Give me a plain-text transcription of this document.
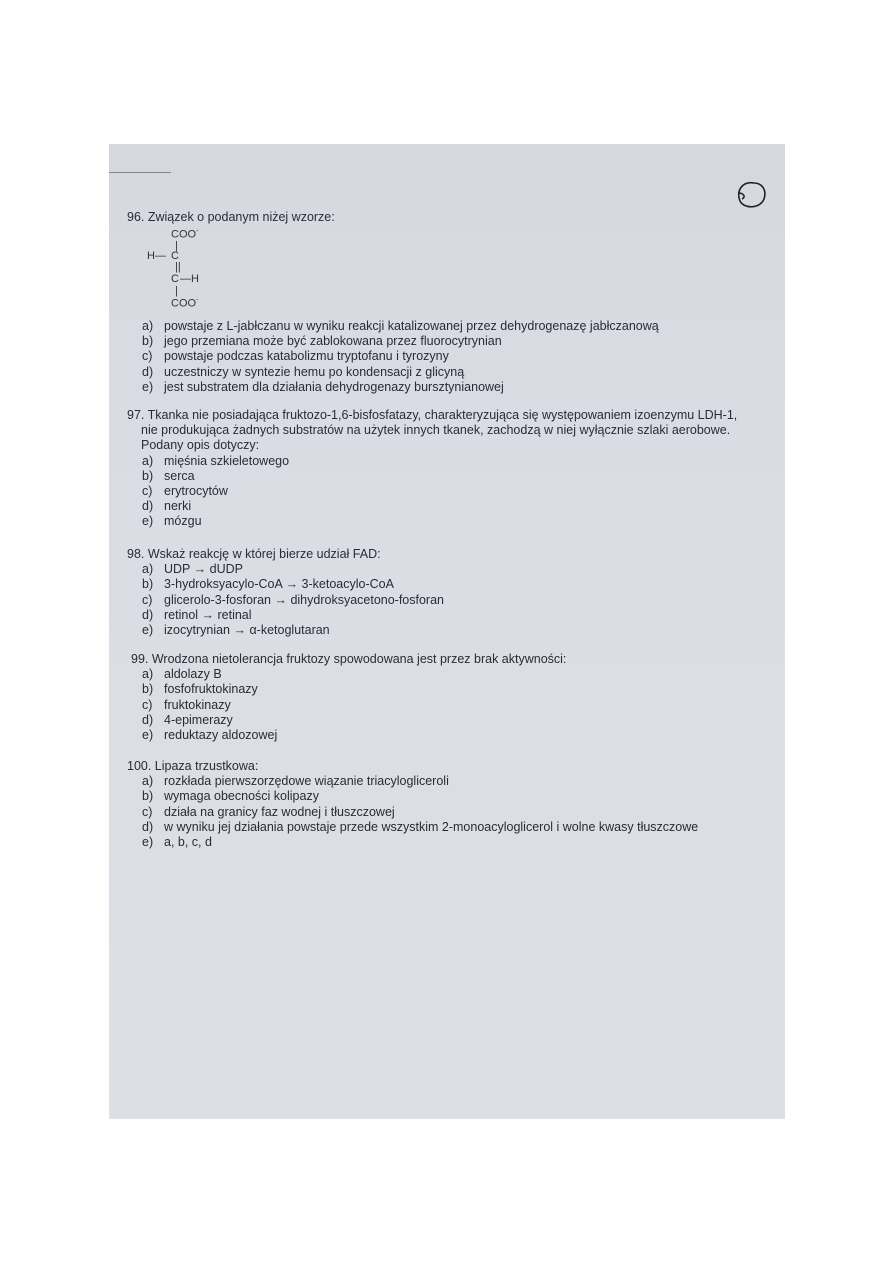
96. Związek o podanym niżej wzorze:
COO-
|
H— C
||
C —H
|
COO-
a) powstaje z L-jabłczanu w wyniku reakcji katalizowanej przez dehydrogenazę jabłczanową
b) jego przemiana może być zablokowana przez fluorocytrynian
c) powstaje podczas katabolizmu tryptofanu i tyrozyny
d) uczestniczy w syntezie hemu po kondensacji z glicyną
e) jest substratem dla działania dehydrogenazy bursztynianowej
97. Tkanka nie posiadająca fruktozo-1,6-bisfosfatazy, charakteryzująca się występowaniem izoenzymu LDH-1,
nie produkująca żadnych substratów na użytek innych tkanek, zachodzą w niej wyłącznie szlaki aerobowe.
Podany opis dotyczy:
a) mięśnia szkieletowego
b) serca
c) erytrocytów
d) nerki
e) mózgu
98. Wskaż reakcję w której bierze udział FAD:
a) UDP → dUDP
b) 3-hydroksyacylo-CoA → 3-ketoacylo-CoA
c) glicerolo-3-fosforan → dihydroksyacetono-fosforan
d) retinol → retinal
e) izocytrynian → α-ketoglutaran
99. Wrodzona nietolerancja fruktozy spowodowana jest przez brak aktywności:
a) aldolazy B
b) fosfofruktokinazy
c) fruktokinazy
d) 4-epimerazy
e) reduktazy aldozowej
100. Lipaza trzustkowa:
a) rozkłada pierwszorzędowe wiązanie triacyloglicerolі
b) wymaga obecności kolipazy
c) działa na granicy faz wodnej i tłuszczowej
d) w wyniku jej działania powstaje przede wszystkim 2-monoacyloglicerol i wolne kwasy tłuszczowe
e) a, b, c, d
